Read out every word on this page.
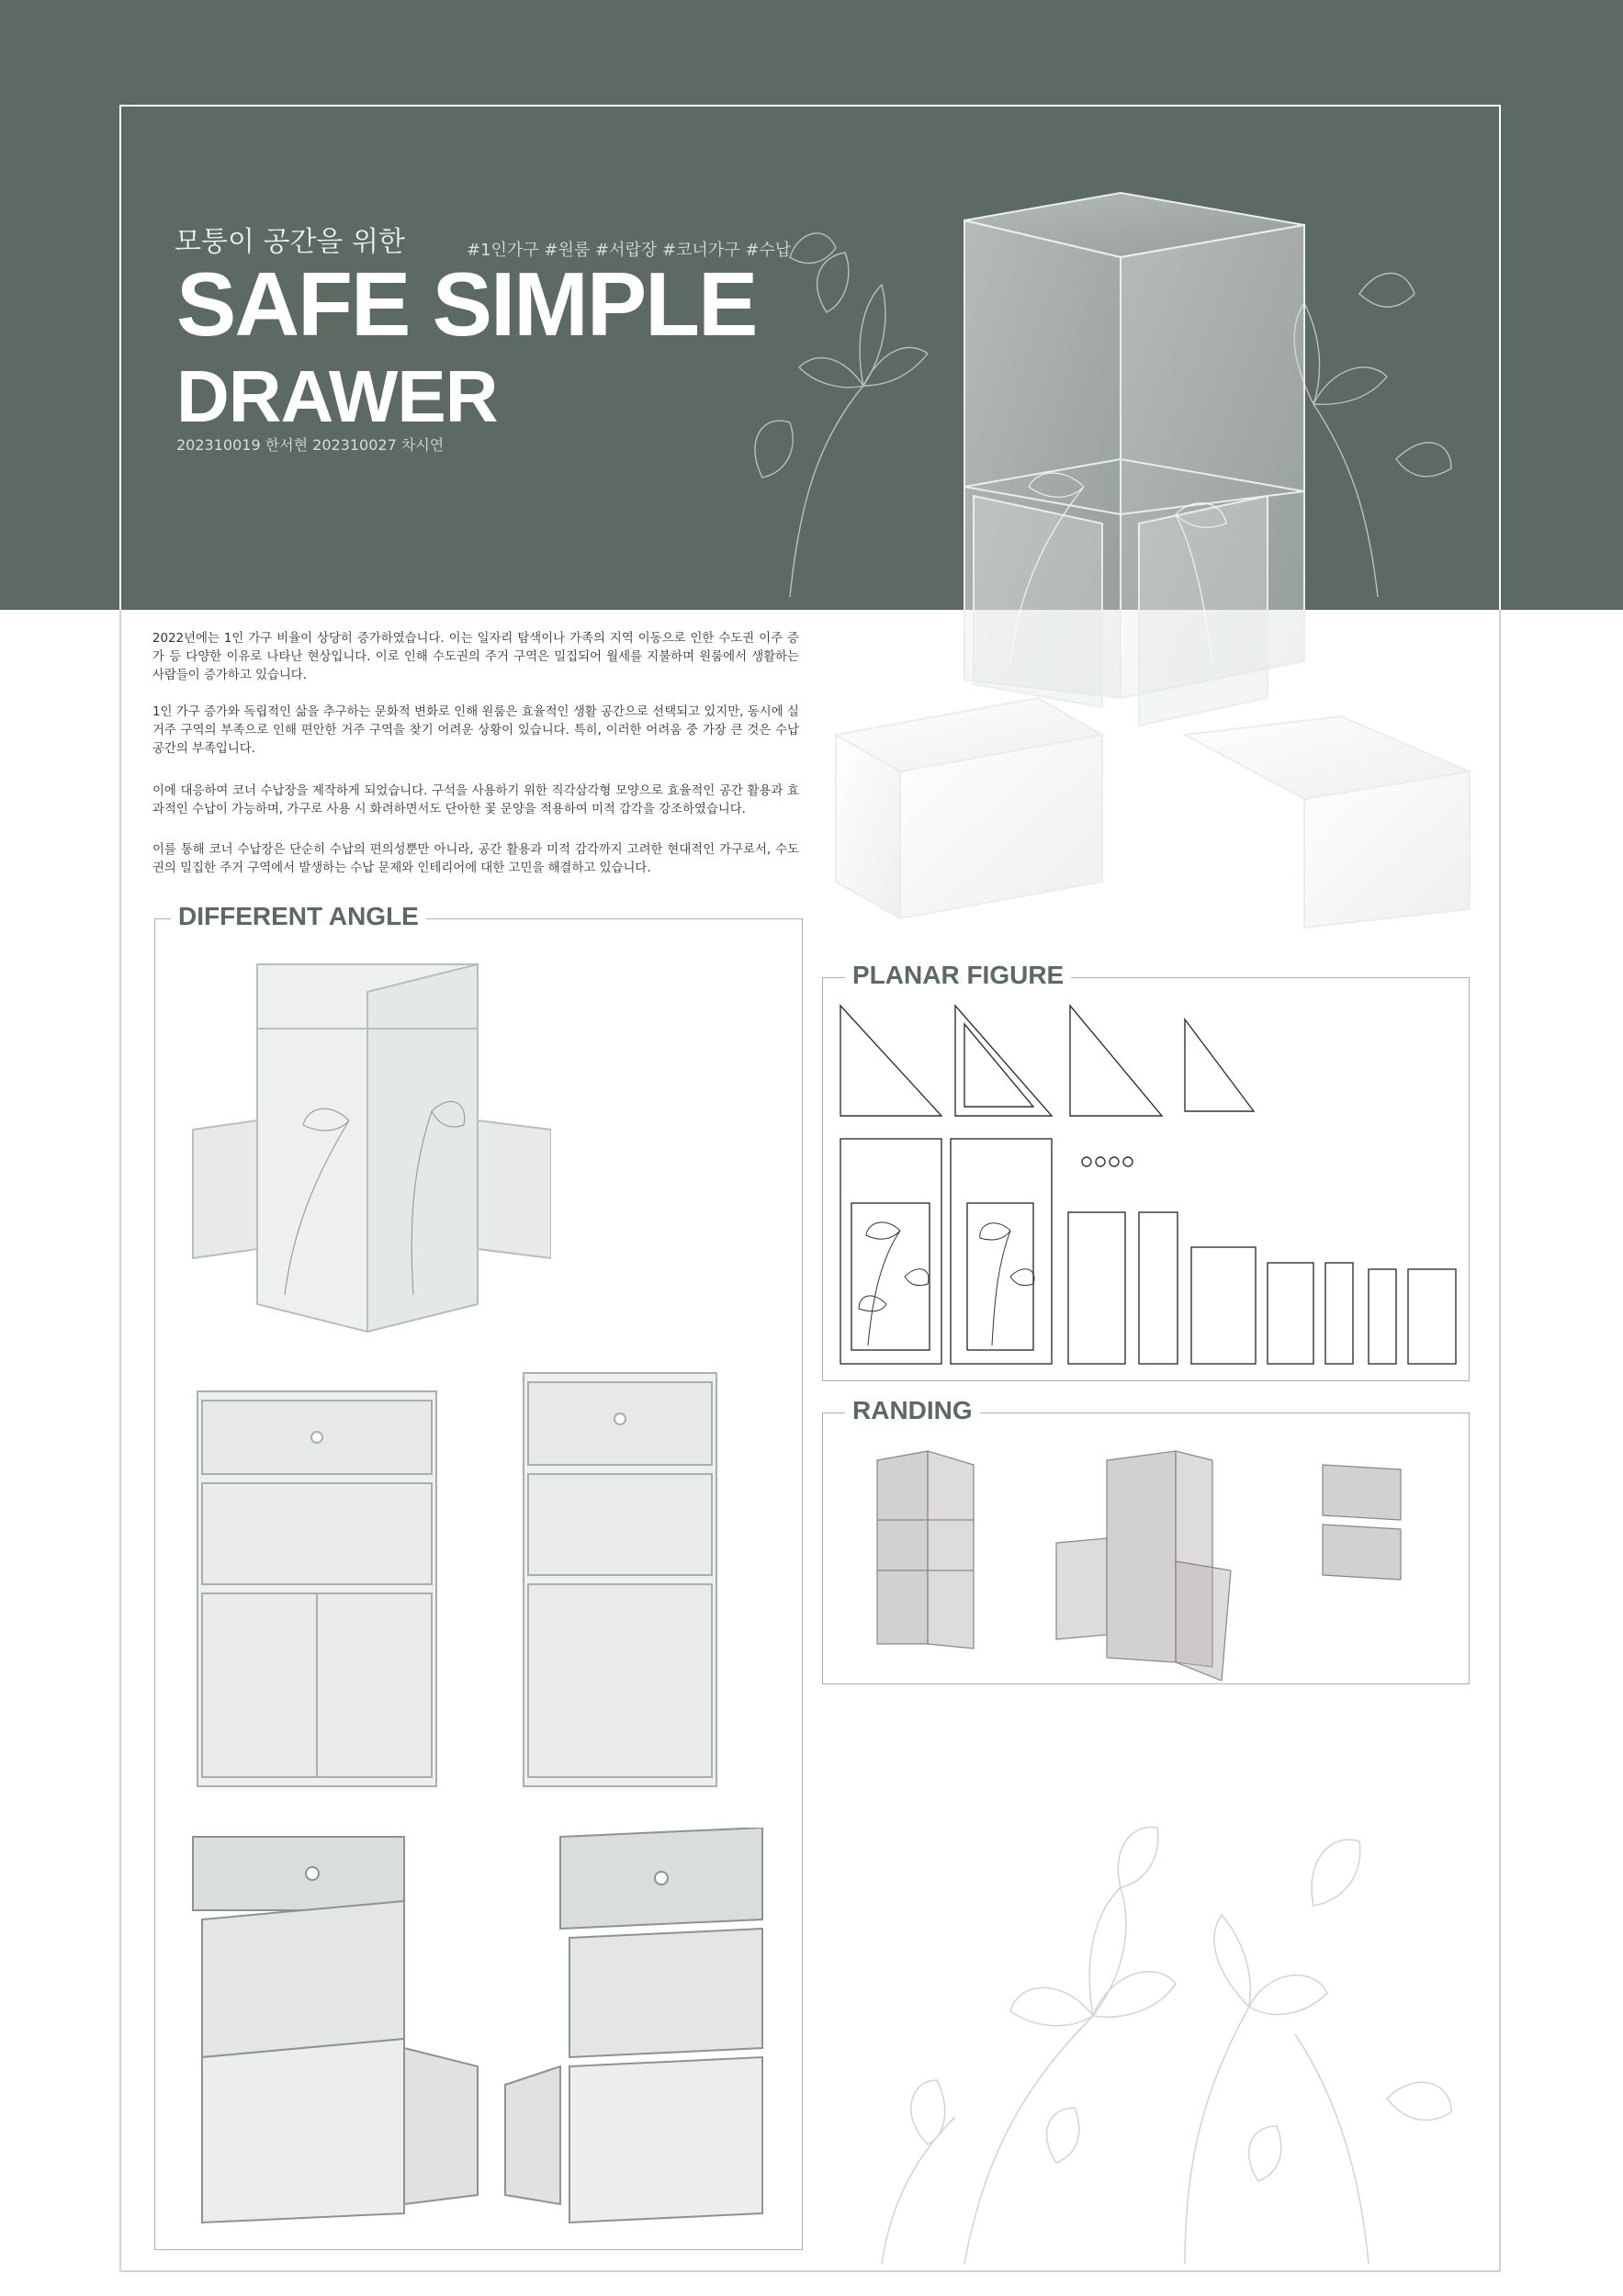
모퉁이 공간을 위한	#1인가구 #원룸 #서랍장 #코너가구 #수납
SAFE SIMPLE
DRAWER
202310019 한서현 202310027 차시연
2022년에는 1인 가구 비율이 상당히 증가하였습니다. 이는 일자리 탐색이나 가족의 지역 이동으로 인한 수도권 이주 증가 등 다양한 이유로 나타난 현상입니다. 이로 인해 수도권의 주거 구역은 밀집되어 월세를 지불하며 원룸에서 생활하는 사람들이 증가하고 있습니다.
1인 가구 증가와 독립적인 삶을 추구하는 문화적 변화로 인해 원룸은 효율적인 생활 공간으로 선택되고 있지만, 동시에 실거주 구역의 부족으로 인해 편안한 거주 구역을 찾기 어려운 상황이 있습니다. 특히, 이러한 어려움 중 가장 큰 것은 수납 공간의 부족입니다.
이에 대응하여 코너 수납장을 제작하게 되었습니다. 구석을 사용하기 위한 직각삼각형 모양으로 효율적인 공간 활용과 효과적인 수납이 가능하며, 가구로 사용 시 화려하면서도 단아한 꽃 문양을 적용하여 미적 감각을 강조하였습니다.
이를 통해 코너 수납장은 단순히 수납의 편의성뿐만 아니라, 공간 활용과 미적 감각까지 고려한 현대적인 가구로서, 수도권의 밀집한 주거 구역에서 발생하는 수납 문제와 인테리어에 대한 고민을 해결하고 있습니다.
DIFFERENT ANGLE
PLANAR FIGURE
RANDING
